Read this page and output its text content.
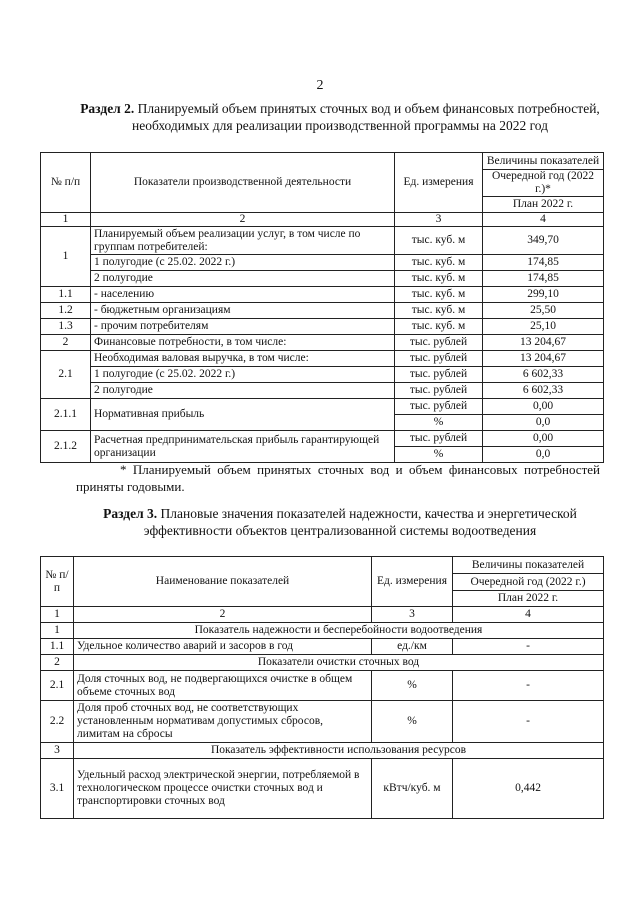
2
Раздел 2. Планируемый объем принятых сточных вод и объем финансовых потребностей, необходимых для реализации производственной программы на 2022 год
№ п/п	Показатели производственной деятельности	Ед. измерения	Величины показателей
			Очередной год (2022 г.)*
			План 2022 г.
1	2	3	4
1	Планируемый объем реализации услуг, в том числе по группам потребителей:	тыс. куб. м	349,70
	1 полугодие (с 25.02. 2022 г.)	тыс. куб. м	174,85
	2 полугодие	тыс. куб. м	174,85
1.1	- населению	тыс. куб. м	299,10
1.2	- бюджетным организациям	тыс. куб. м	25,50
1.3	- прочим потребителям	тыс. куб. м	25,10
2	Финансовые потребности, в том числе:	тыс. рублей	13 204,67
2.1	Необходимая валовая выручка, в том числе:	тыс. рублей	13 204,67
	1 полугодие (с 25.02. 2022 г.)	тыс. рублей	6 602,33
	2 полугодие	тыс. рублей	6 602,33
2.1.1	Нормативная прибыль	тыс. рублей	0,00
		%	0,0
2.1.2	Расчетная предпринимательская прибыль гарантирующей организации	тыс. рублей	0,00
		%	0,0
* Планируемый объем принятых сточных вод и объем финансовых потребностей приняты годовыми.
Раздел 3. Плановые значения показателей надежности, качества и энергетической эффективности объектов централизованной системы водоотведения
№ п/п	Наименование показателей	Ед. измерения	Величины показателей
			Очередной год (2022 г.)
			План 2022 г.
1	2	3	4
1	Показатель надежности и бесперебойности водоотведения		
1.1	Удельное количество аварий и засоров в год	ед./км	-
2	Показатели очистки сточных вод		
2.1	Доля сточных вод, не подвергающихся очистке в общем объеме сточных вод	%	-
2.2	Доля проб сточных вод, не соответствующих установленным нормативам допустимых сбросов, лимитам на сбросы	%	-
3	Показатель эффективности использования ресурсов		
3.1	Удельный расход электрической энергии, потребляемой в технологическом процессе очистки сточных вод и транспортировки сточных вод	кВтч/куб. м	0,442
